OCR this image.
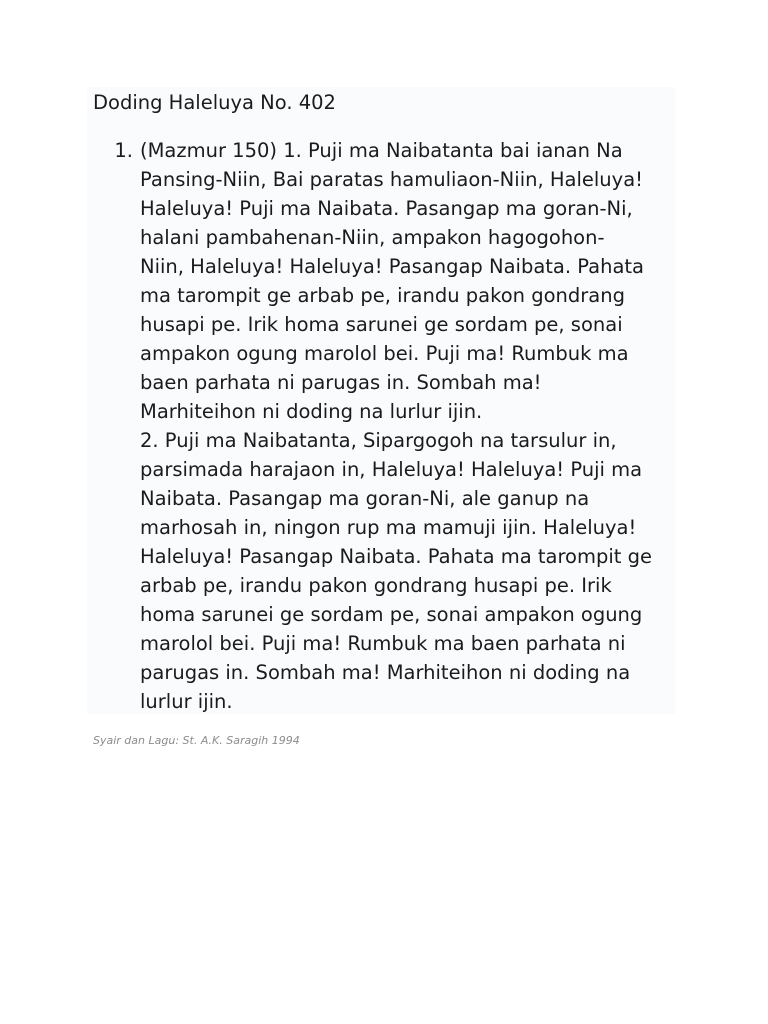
Doding Haleluya No. 402
1. (Mazmur 150) 1. Puji ma Naibatanta bai ianan Na
Pansing-Niin, Bai paratas hamuliaon-Niin, Haleluya!
Haleluya! Puji ma Naibata. Pasangap ma goran-Ni,
halani pambahenan-Niin, ampakon hagogohon-
Niin, Haleluya! Haleluya! Pasangap Naibata. Pahata
ma tarompit ge arbab pe, irandu pakon gondrang
husapi pe. Irik homa sarunei ge sordam pe, sonai
ampakon ogung marolol bei. Puji ma! Rumbuk ma
baen parhata ni parugas in. Sombah ma!
Marhiteihon ni doding na lurlur ijin.
2. Puji ma Naibatanta, Sipargogoh na tarsulur in,
parsimada harajaon in, Haleluya! Haleluya! Puji ma
Naibata. Pasangap ma goran-Ni, ale ganup na
marhosah in, ningon rup ma mamuji ijin. Haleluya!
Haleluya! Pasangap Naibata. Pahata ma tarompit ge
arbab pe, irandu pakon gondrang husapi pe. Irik
homa sarunei ge sordam pe, sonai ampakon ogung
marolol bei. Puji ma! Rumbuk ma baen parhata ni
parugas in. Sombah ma! Marhiteihon ni doding na
lurlur ijin.
Syair dan Lagu: St. A.K. Saragih 1994
